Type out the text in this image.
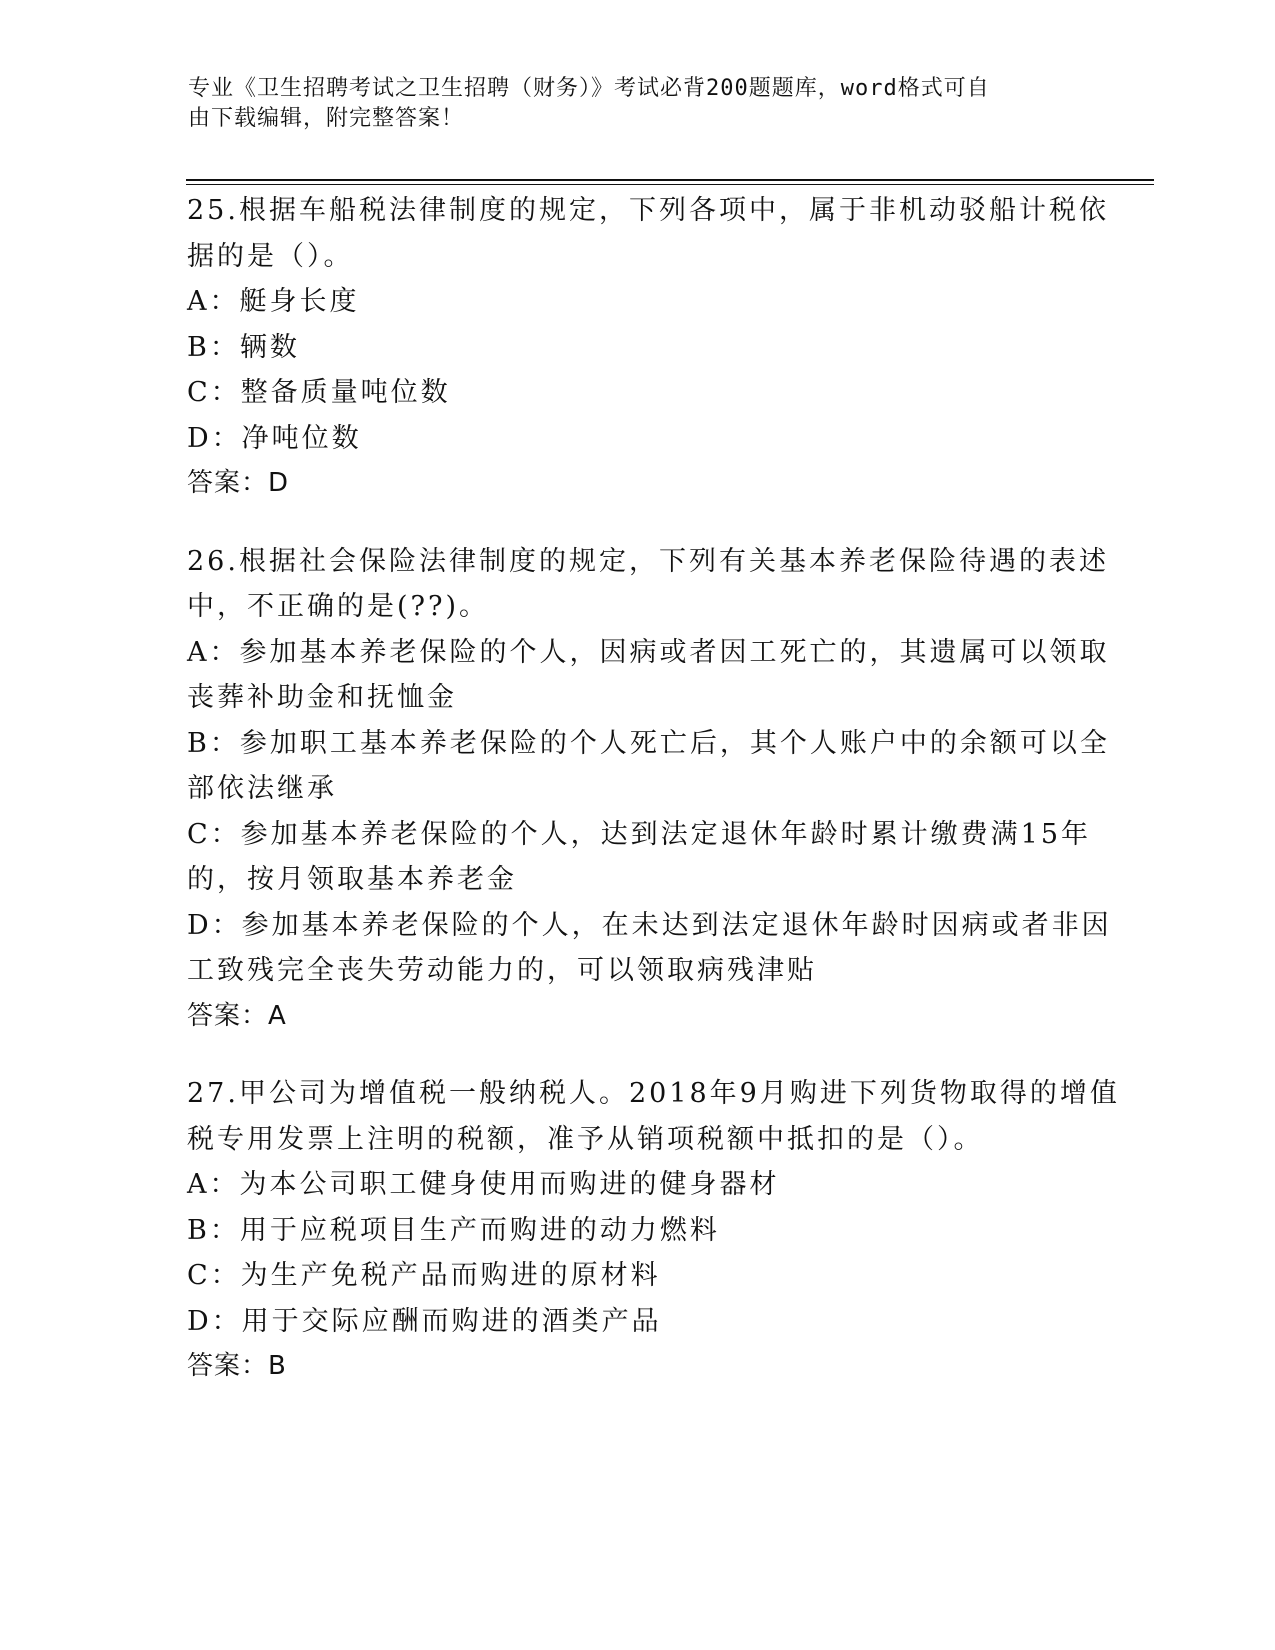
专业《卫生招聘考试之卫生招聘（财务）》考试必背200题题库，word格式可自
由下载编辑，附完整答案！
25.根据车船税法律制度的规定，下列各项中，属于非机动驳船计税依
据的是（）。
A：艇身长度
B：辆数
C：整备质量吨位数
D：净吨位数
答案：D
26.根据社会保险法律制度的规定，下列有关基本养老保险待遇的表述
中，不正确的是(??)。
A：参加基本养老保险的个人，因病或者因工死亡的，其遗属可以领取
丧葬补助金和抚恤金
B：参加职工基本养老保险的个人死亡后，其个人账户中的余额可以全
部依法继承
C：参加基本养老保险的个人，达到法定退休年龄时累计缴费满15年
的，按月领取基本养老金
D：参加基本养老保险的个人，在未达到法定退休年龄时因病或者非因
工致残完全丧失劳动能力的，可以领取病残津贴
答案：A
27.甲公司为增值税一般纳税人。2018年9月购进下列货物取得的增值
税专用发票上注明的税额，准予从销项税额中抵扣的是（）。
A：为本公司职工健身使用而购进的健身器材
B：用于应税项目生产而购进的动力燃料
C：为生产免税产品而购进的原材料
D：用于交际应酬而购进的酒类产品
答案：B
